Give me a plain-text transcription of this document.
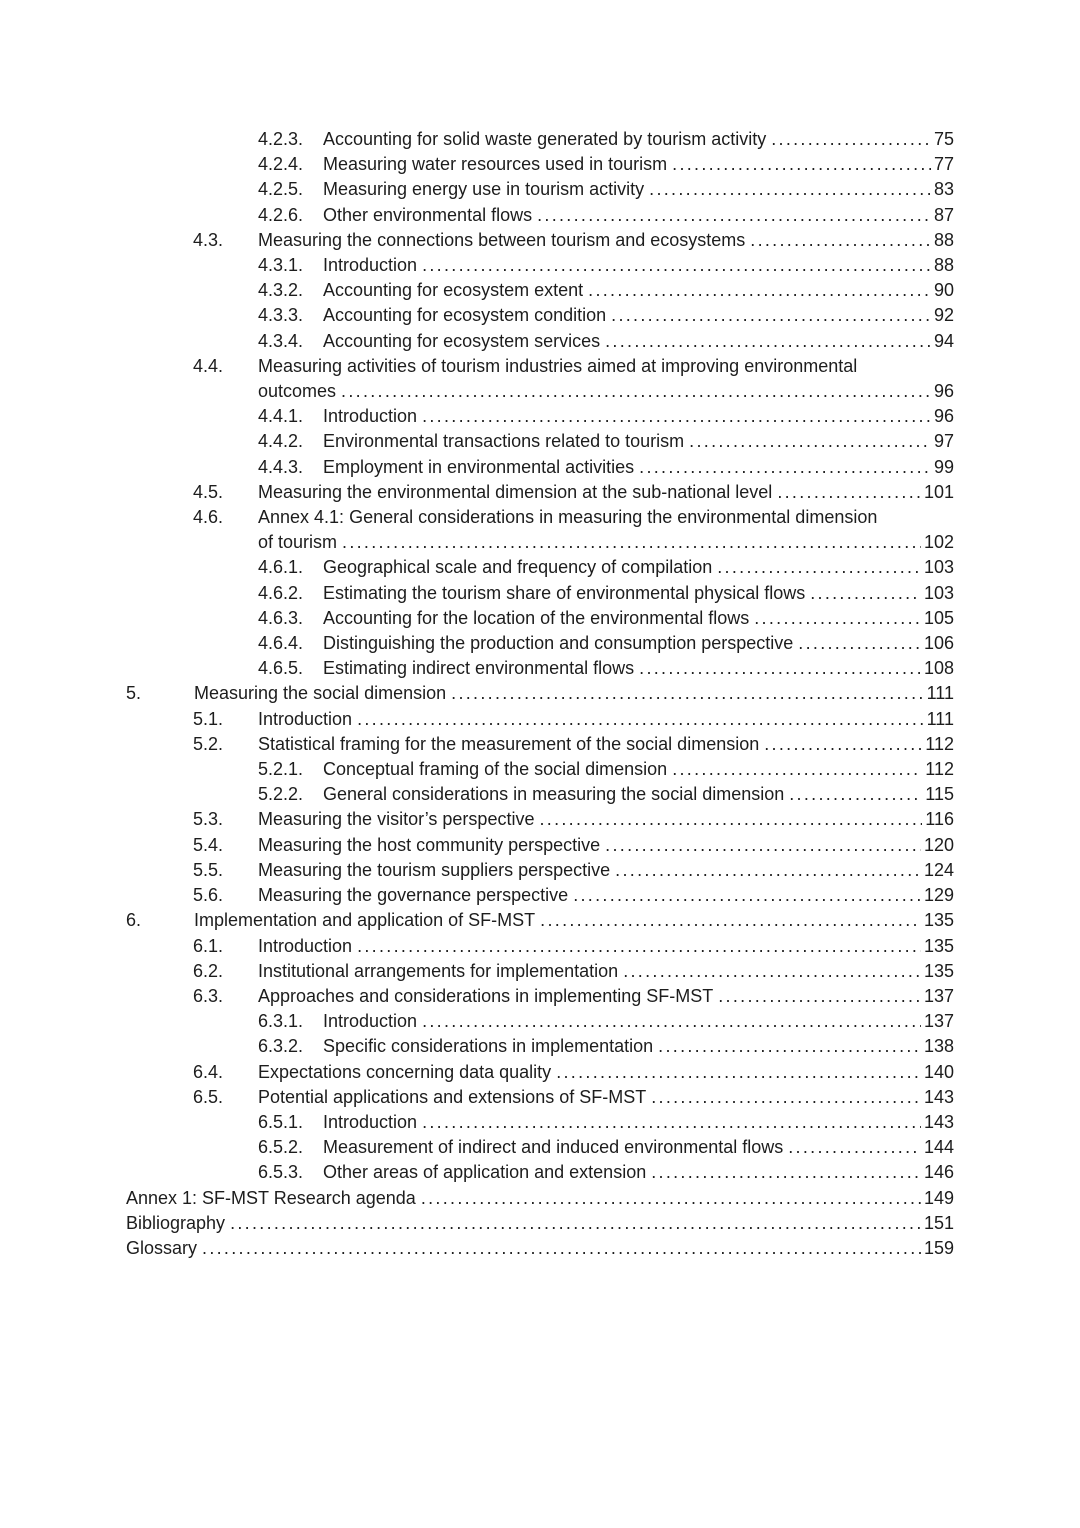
4.2.3.	Accounting for solid waste generated by tourism activity .....	75
4.2.4.	Measuring water resources used in tourism .....	77
4.2.5.	Measuring energy use in tourism activity .....	83
4.2.6.	Other environmental flows .....	87
4.3.	Measuring the connections between tourism and ecosystems .....	88
4.3.1.	Introduction .....	88
4.3.2.	Accounting for ecosystem extent .....	90
4.3.3.	Accounting for ecosystem condition .....	92
4.3.4.	Accounting for ecosystem services .....	94
4.4.	Measuring activities of tourism industries aimed at improving environmental
outcomes .....	96
4.4.1.	Introduction .....	96
4.4.2.	Environmental transactions related to tourism .....	97
4.4.3.	Employment in environmental activities .....	99
4.5.	Measuring the environmental dimension at the sub-national level .....	101
4.6.	Annex 4.1: General considerations in measuring the environmental dimension
of tourism .....	102
4.6.1.	Geographical scale and frequency of compilation .....	103
4.6.2.	Estimating the tourism share of environmental physical flows .....	103
4.6.3.	Accounting for the location of the environmental flows .....	105
4.6.4.	Distinguishing the production and consumption perspective .....	106
4.6.5.	Estimating indirect environmental flows .....	108
5.	Measuring the social dimension .....	111
5.1.	Introduction .....	111
5.2.	Statistical framing for the measurement of the social dimension .....	112
5.2.1.	Conceptual framing of the social dimension .....	112
5.2.2.	General considerations in measuring the social dimension .....	115
5.3.	Measuring the visitor’s perspective .....	116
5.4.	Measuring the host community perspective .....	120
5.5.	Measuring the tourism suppliers perspective .....	124
5.6.	Measuring the governance perspective .....	129
6.	Implementation and application of SF-MST .....	135
6.1.	Introduction .....	135
6.2.	Institutional arrangements for implementation .....	135
6.3.	Approaches and considerations in implementing SF-MST .....	137
6.3.1.	Introduction .....	137
6.3.2.	Specific considerations in implementation .....	138
6.4.	Expectations concerning data quality .....	140
6.5.	Potential applications and extensions of SF-MST .....	143
6.5.1.	Introduction .....	143
6.5.2.	Measurement of indirect and induced environmental flows .....	144
6.5.3.	Other areas of application and extension .....	146
Annex 1: SF-MST Research agenda .....	149
Bibliography .....	151
Glossary .....	159
